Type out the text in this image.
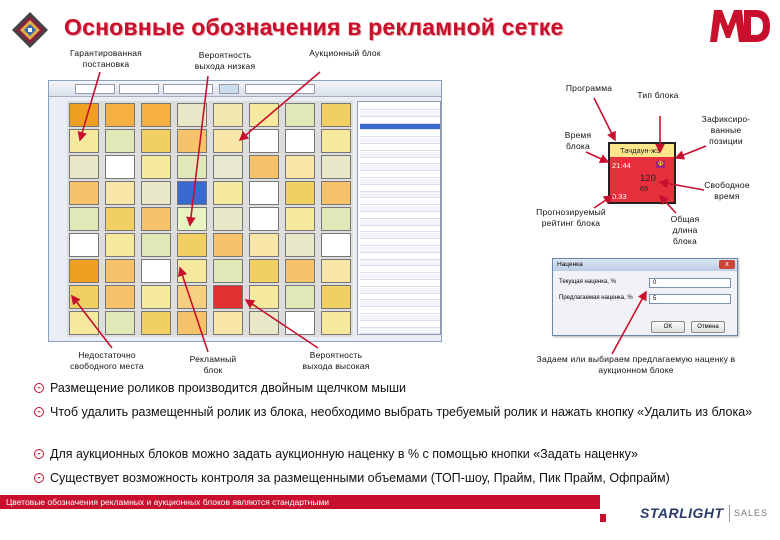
Основные обозначения в рекламной сетке
Гарантированная постановка
Вероятность выхода низкая
Аукционный блок
Недостаточно свободного места
Рекламный блок
Вероятность выхода высокая
Тачдаун-жэ
21:44	Ф
120
65
0.33
Программа
Тип блока
Зафиксиро-ванные позиции
Время блока
Свободное время
Прогнозируемый рейтинг блока	Общая длина блока
Наценка	x
Текущая наценка, %	0
Предлагаемая наценка, %	5
OK	Отмена
Задаем или выбираем предлагаемую наценку в аукционном блоке
⁃ Размещение роликов производится двойным щелчком мыши
⁃ Чтоб удалить размещенный ролик из блока, необходимо выбрать требуемый ролик и нажать кнопку «Удалить из блока»
⁃ Для аукционных блоков можно задать аукционную наценку в % с помощью кнопки «Задать наценку»
⁃ Существует возможность контроля за размещенными объемами (ТОП-шоу, Прайм, Пик Прайм, Офпрайм)
Цветовые обозначения рекламных и аукционных блоков являются стандартными
STARLIGHT SALES
